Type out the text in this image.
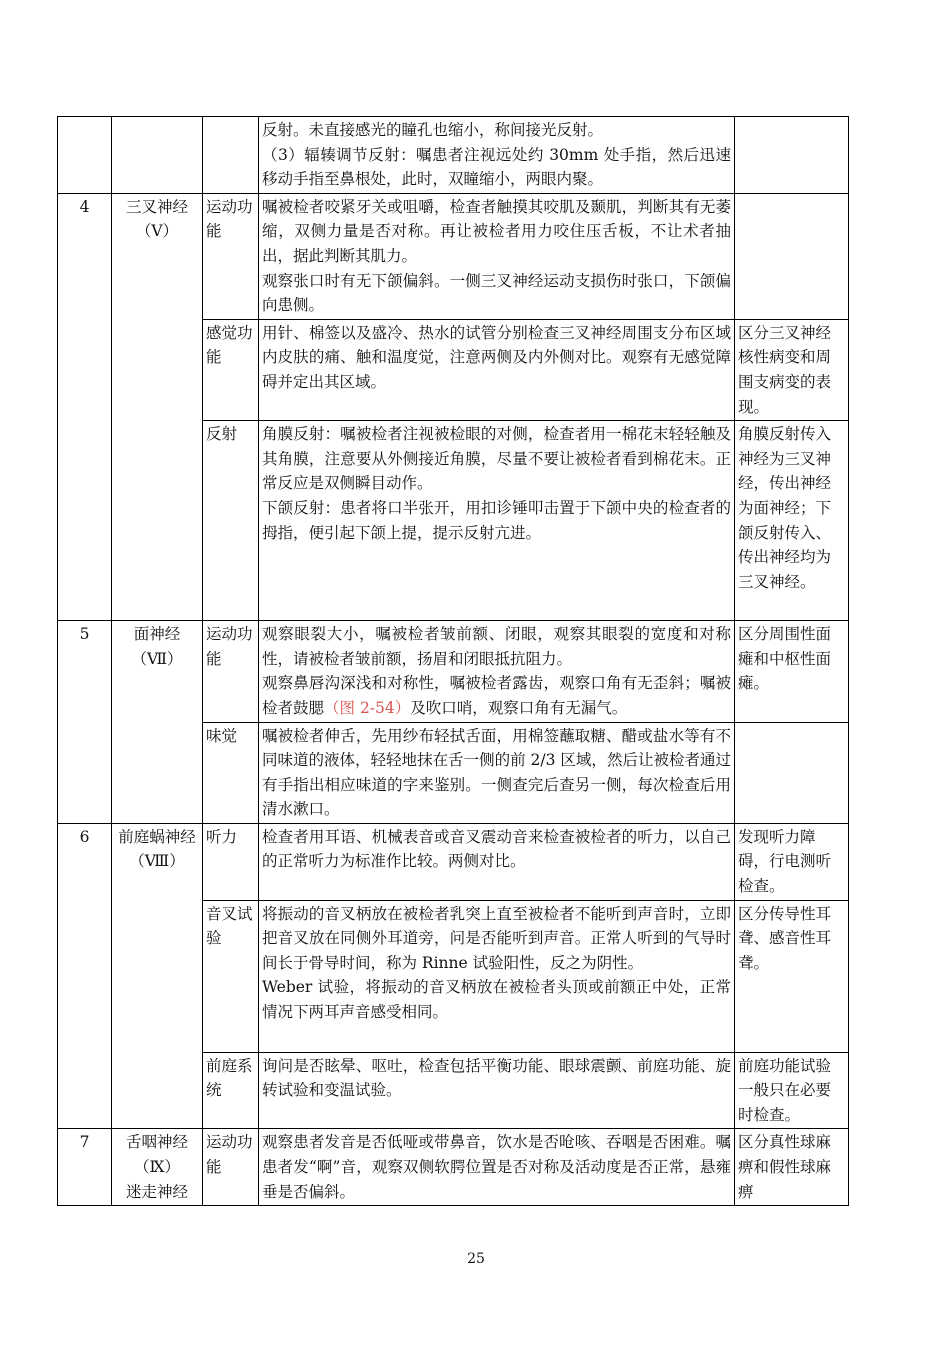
			反射。未直接感光的瞳孔也缩小，称间接光反射。
（3）辐辏调节反射：嘱患者注视远处约 30mm 处手指，然后迅速移动手指至鼻根处，此时，双瞳缩小，两眼内聚。	

4	三叉神经（Ⅴ）	运动功能	嘱被检者咬紧牙关或咀嚼，检查者触摸其咬肌及颞肌，判断其有无萎缩，双侧力量是否对称。再让被检者用力咬住压舌板，不让术者抽出，据此判断其肌力。
观察张口时有无下颌偏斜。一侧三叉神经运动支损伤时张口，下颌偏向患侧。	

		感觉功能	用针、棉签以及盛冷、热水的试管分别检查三叉神经周围支分布区域内皮肤的痛、触和温度觉，注意两侧及内外侧对比。观察有无感觉障碍并定出其区域。	区分三叉神经核性病变和周围支病变的表现。
		反射	角膜反射：嘱被检者注视被检眼的对侧，检查者用一棉花末轻轻触及其角膜，注意要从外侧接近角膜，尽量不要让被检者看到棉花末。正常反应是双侧瞬目动作。
下颌反射：患者将口半张开，用扣诊锤叩击置于下颌中央的检查者的拇指，便引起下颌上提，提示反射亢进。	角膜反射传入神经为三叉神经，传出神经为面神经；下颌反射传入、传出神经均为三叉神经。
5	面神经（Ⅶ）	运动功能	观察眼裂大小，嘱被检者皱前额、闭眼，观察其眼裂的宽度和对称性，请被检者皱前额，扬眉和闭眼抵抗阻力。
观察鼻唇沟深浅和对称性，嘱被检者露齿，观察口角有无歪斜；嘱被检者鼓腮（图 2-54）及吹口哨，观察口角有无漏气。	区分周围性面瘫和中枢性面瘫。
		味觉	嘱被检者伸舌，先用纱布轻拭舌面，用棉签蘸取糖、醋或盐水等有不同味道的液体，轻轻地抹在舌一侧的前 2/3 区域，然后让被检者通过有手指出相应味道的字来鉴别。一侧查完后查另一侧，每次检查后用清水漱口。	

6	前庭蜗神经（Ⅷ）	听力	检查者用耳语、机械表音或音叉震动音来检查被检者的听力，以自己的正常听力为标准作比较。两侧对比。	发现听力障碍，行电测听检查。
		音叉试验	将振动的音叉柄放在被检者乳突上直至被检者不能听到声音时，立即把音叉放在同侧外耳道旁，问是否能听到声音。正常人听到的气导时间长于骨导时间，称为 Rinne 试验阳性，反之为阴性。
Weber 试验，将振动的音叉柄放在被检者头顶或前额正中处，正常情况下两耳声音感受相同。	区分传导性耳聋、感音性耳聋。
		前庭系统	询问是否眩晕、呕吐，检查包括平衡功能、眼球震颤、前庭功能、旋转试验和变温试验。	前庭功能试验一般只在必要时检查。
7	舌咽神经
（Ⅸ）
迷走神经	运动功能	观察患者发音是否低哑或带鼻音，饮水是否呛咳、吞咽是否困难。嘱患者发“啊”音，观察双侧软腭位置是否对称及活动度是否正常，悬雍垂是否偏斜。	区分真性球麻痹和假性球麻痹
25
